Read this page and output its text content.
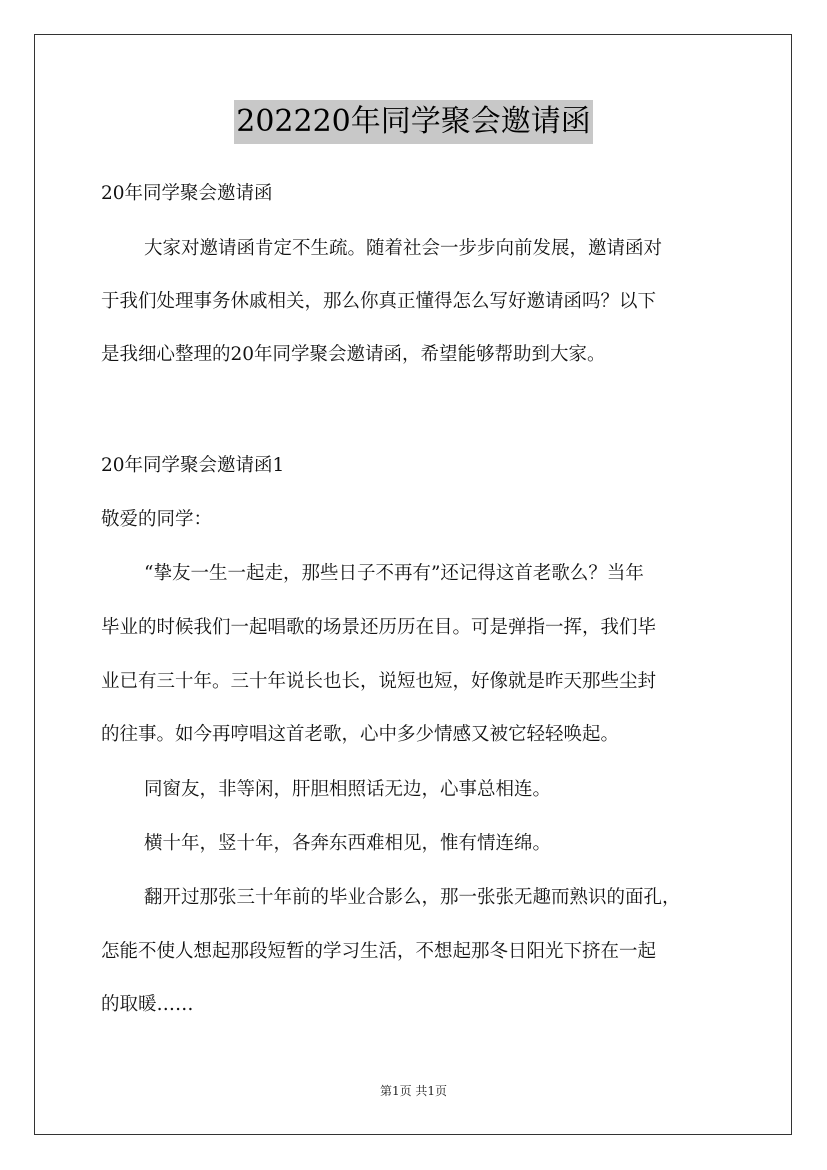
202220年同学聚会邀请函
20年同学聚会邀请函
大家对邀请函肯定不生疏。随着社会一步步向前发展，邀请函对
于我们处理事务休戚相关，那么你真正懂得怎么写好邀请函吗？以下
是我细心整理的20年同学聚会邀请函，希望能够帮助到大家。
20年同学聚会邀请函1
敬爱的同学：
“挚友一生一起走，那些日子不再有”还记得这首老歌么？当年
毕业的时候我们一起唱歌的场景还历历在目。可是弹指一挥，我们毕
业已有三十年。三十年说长也长，说短也短，好像就是昨天那些尘封
的往事。如今再哼唱这首老歌，心中多少情感又被它轻轻唤起。
同窗友，非等闲，肝胆相照话无边，心事总相连。
横十年，竖十年，各奔东西难相见，惟有情连绵。
翻开过那张三十年前的毕业合影么，那一张张无趣而熟识的面孔，
怎能不使人想起那段短暂的学习生活，不想起那冬日阳光下挤在一起
的取暖……
第1页 共1页
